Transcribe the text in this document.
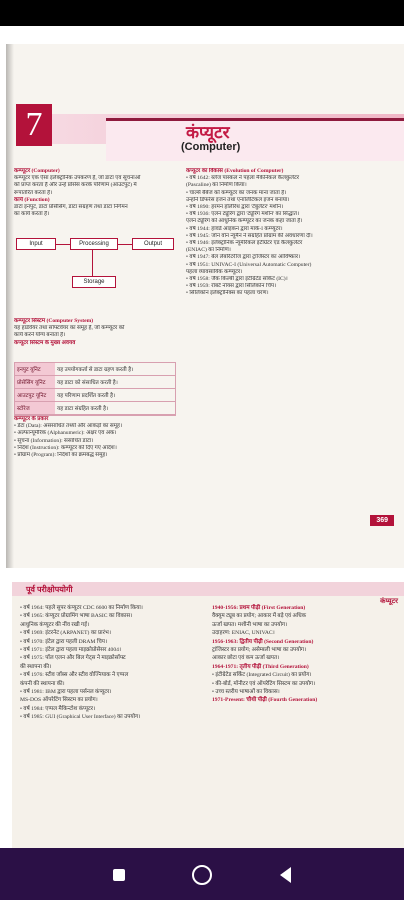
7	कंप्यूटर
(Computer)
कम्प्यूटर (Computer)
कम्प्यूटर एक ऐसा इलेक्ट्रॉनिक उपकरण है, जो डाटा एवं सूचनाओं
को प्राप्त करता है और उन्हें प्रोसेस करके परिणाम (आउटपुट) में
रूपांतरित करता है।
कार्य (Function)
डाटा इनपुट, डाटा प्रोसेसिंग, डाटा संग्रहण तथा डाटा निर्गमन
का कार्य करता है।
Input	Processing	Output
Storage
कम्प्यूटर सिस्टम (Computer System)
यह हार्डवेयर तथा सॉफ्टवेयर का समूह है, जो कम्प्यूटर को
कार्य करने योग्य बनाता है।
कंप्यूटर सिस्टम के मुख्य अवयव
इनपुट यूनिट	यह उपयोगकर्ता से डाटा ग्रहण करती है।
प्रोसेसिंग यूनिट	यह डाटा को संसाधित करती है।
आउटपुट यूनिट	यह परिणाम प्रदर्शित करती है।
स्टोरेज	यह डाटा संग्रहित करती है।
कम्प्यूटर के प्रकार
• डेटा (Data): असंसाधित तथ्यों और आंकड़ों का समूह।
• अल्फान्यूमेरिक (Alphanumeric): अक्षर एवं अंक।
• सूचना (Information): संसाधित डाटा।
• निर्देश (Instruction): कम्प्यूटर को दिए गए आदेश।
• प्रोग्राम (Program): निर्देशों का क्रमबद्ध समूह।
कंप्यूटर का विकास (Evolution of Computer)
• वर्ष 1642: ब्लेज पास्कल ने पहला मैकेनिकल कैलकुलेटर
(Pascaline) का निर्माण किया।
• चार्ल्स बैबेज को कम्प्यूटर का जनक माना जाता है।
उन्होंने डिफरेंस इंजन तथा एनालिटिकल इंजन बनाया।
• वर्ष 1890: हरमन होलेरिथ द्वारा 'टेबुलेटर' मशीन।
• वर्ष 1936: एलन ट्यूरिंग द्वारा 'ट्यूरिंग मशीन' का सिद्धांत।
एलन ट्यूरिंग को आधुनिक कम्प्यूटर का जनक कहा जाता है।
• वर्ष 1944: हावर्ड आइकन द्वारा मार्क-I कम्प्यूटर।
• वर्ष 1945: जॉन वॉन न्यूमैन ने संग्रहित प्रोग्राम की अवधारणा दी।
• वर्ष 1946: इलेक्ट्रॉनिक न्यूमेरिकल इंटीग्रेटर एंड कैलकुलेटर
(ENIAC) का निर्माण।
• वर्ष 1947: बेल लेबोरेटरीज द्वारा ट्रांजिस्टर का आविष्कार।
• वर्ष 1951: UNIVAC-I (Universal Automatic Computer)
पहला व्यावसायिक कम्प्यूटर।
• वर्ष 1958: जैक किल्बी द्वारा इंटीग्रेटेड सर्किट (IC)।
• वर्ष 1959: रॉबर्ट नॉयस द्वारा सिलिकॉन चिप।
• सिलिकॉन इलेक्ट्रॉनिक्स का पहला चरण।
369
पूर्व परीक्षोपयोगी
कंप्यूटर
• वर्ष 1964: पहले सुपर कंप्यूटर CDC 6600 का निर्माण किया।
• वर्ष 1965: कंप्यूटर प्रोग्रामिंग भाषा BASIC का विकास।
आधुनिक कंप्यूटर की नींव रखी गई।
• वर्ष 1969: इंटरनेट (ARPANET) का प्रारंभ।
• वर्ष 1970: इंटेल द्वारा पहली DRAM चिप।
• वर्ष 1971: इंटेल द्वारा पहला माइक्रोप्रोसेसर 4004।
• वर्ष 1975: पॉल एलन और बिल गेट्स ने माइक्रोसॉफ्ट
की स्थापना की।
• वर्ष 1976: स्टीव जॉब्स और स्टीव वोज्नियाक ने एप्पल
कंपनी की स्थापना की।
• वर्ष 1981: IBM द्वारा पहला पर्सनल कंप्यूटर।
MS-DOS ऑपरेटिंग सिस्टम का प्रयोग।
• वर्ष 1984: एप्पल मैकिन्टोश कंप्यूटर।
• वर्ष 1985: GUI (Graphical User Interface) का उपयोग।
1940-1956: प्रथम पीढ़ी (First Generation)
वैक्यूम ट्यूब का प्रयोग; आकार में बड़े एवं अधिक
ऊर्जा खपत। मशीनी भाषा का उपयोग।
उदाहरण: ENIAC, UNIVAC।
1956-1963: द्वितीय पीढ़ी (Second Generation)
ट्रांजिस्टर का प्रयोग; असेम्बली भाषा का उपयोग।
आकार छोटा एवं कम ऊर्जा खपत।
1964-1971: तृतीय पीढ़ी (Third Generation)
• इंटीग्रेटेड सर्किट (Integrated Circuit) का प्रयोग।
• की-बोर्ड, मॉनीटर एवं ऑपरेटिंग सिस्टम का उपयोग।
• उच्च स्तरीय भाषाओं का विकास।
1971-Present: चौथी पीढ़ी (Fourth Generation)
